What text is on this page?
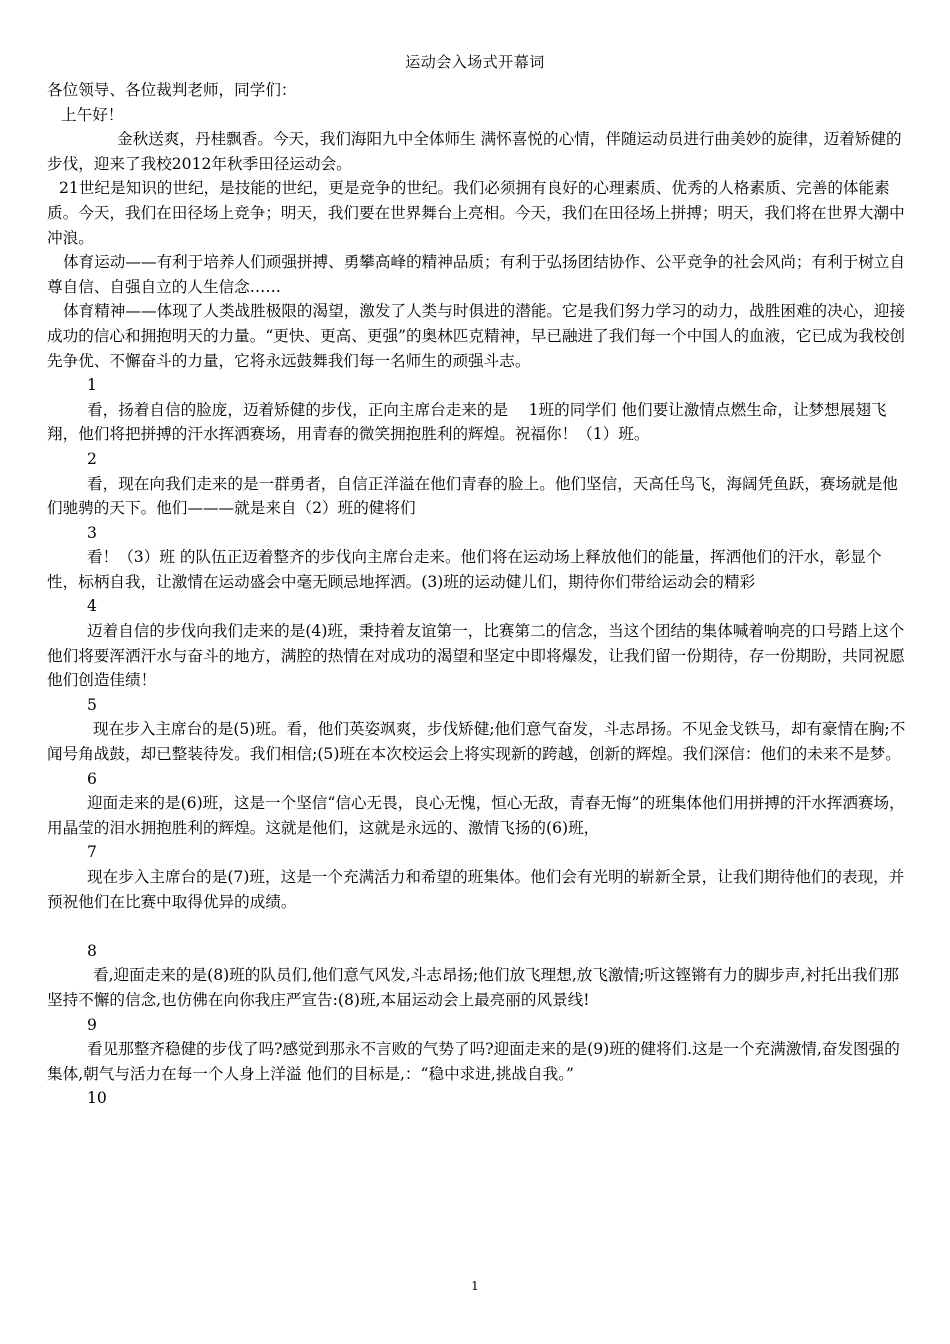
运动会入场式开幕词

各位领导、各位裁判老师，同学们：

上午好！

金秋送爽，丹桂飘香。今天，我们海阳九中全体师生 满怀喜悦的心情，伴随运动员进行曲美妙的旋律，迈着矫健的步伐，迎来了我校2012年秋季田径运动会。

21世纪是知识的世纪，是技能的世纪，更是竞争的世纪。我们必须拥有良好的心理素质、优秀的人格素质、完善的体能素质。今天，我们在田径场上竞争；明天，我们要在世界舞台上亮相。今天，我们在田径场上拼搏；明天，我们将在世界大潮中冲浪。

体育运动——有利于培养人们顽强拼搏、勇攀高峰的精神品质；有利于弘扬团结协作、公平竞争的社会风尚；有利于树立自尊自信、自强自立的人生信念……

体育精神——体现了人类战胜极限的渴望，激发了人类与时俱进的潜能。它是我们努力学习的动力，战胜困难的决心，迎接成功的信心和拥抱明天的力量。“更快、更高、更强”的奥林匹克精神，早已融进了我们每一个中国人的血液，它已成为我校创先争优、不懈奋斗的力量，它将永远鼓舞我们每一名师生的顽强斗志。

1

看，扬着自信的脸庞，迈着矫健的步伐，正向主席台走来的是　 1班的同学们 他们要让激情点燃生命，让梦想展翅飞翔，他们将把拼搏的汗水挥洒赛场，用青春的微笑拥抱胜利的辉煌。祝福你！（1）班。

2

看，现在向我们走来的是一群勇者，自信正洋溢在他们青春的脸上。他们坚信，天高任鸟飞，海阔凭鱼跃，赛场就是他们驰骋的天下。他们———就是来自（2）班的健将们

3

看！（3）班 的队伍正迈着整齐的步伐向主席台走来。他们将在运动场上释放他们的能量，挥洒他们的汗水，彰显个性，标柄自我，让激情在运动盛会中毫无顾忌地挥洒。(3)班的运动健儿们，期待你们带给运动会的精彩

4

迈着自信的步伐向我们走来的是(4)班，秉持着友谊第一，比赛第二的信念，当这个团结的集体喊着响亮的口号踏上这个他们将要浑洒汗水与奋斗的地方，满腔的热情在对成功的渴望和坚定中即将爆发，让我们留一份期待，存一份期盼，共同祝愿他们创造佳绩！

5

现在步入主席台的是(5)班。看，他们英姿飒爽，步伐矫健;他们意气奋发，斗志昂扬。不见金戈铁马，却有豪情在胸;不闻号角战鼓，却已整装待发。我们相信;(5)班在本次校运会上将实现新的跨越，创新的辉煌。我们深信：他们的未来不是梦。

6

迎面走来的是(6)班，这是一个坚信“信心无畏，良心无愧，恒心无敌，青春无悔”的班集体他们用拼搏的汗水挥洒赛场，用晶莹的泪水拥抱胜利的辉煌。这就是他们，这就是永远的、激情飞扬的(6)班，

7

现在步入主席台的是(7)班，这是一个充满活力和希望的班集体。他们会有光明的崭新全景，让我们期待他们的表现，并预祝他们在比赛中取得优异的成绩。

8

看,迎面走来的是(8)班的队员们,他们意气风发,斗志昂扬;他们放飞理想,放飞激情;听这铿锵有力的脚步声,衬托出我们那坚持不懈的信念,也仿佛在向你我庄严宣告:(8)班,本届运动会上最亮丽的风景线!

9

看见那整齐稳健的步伐了吗?感觉到那永不言败的气势了吗?迎面走来的是(9)班的健将们.这是一个充满激情,奋发图强的集体,朝气与活力在每一个人身上洋溢 他们的目标是,：“稳中求进,挑战自我。”

10

1
